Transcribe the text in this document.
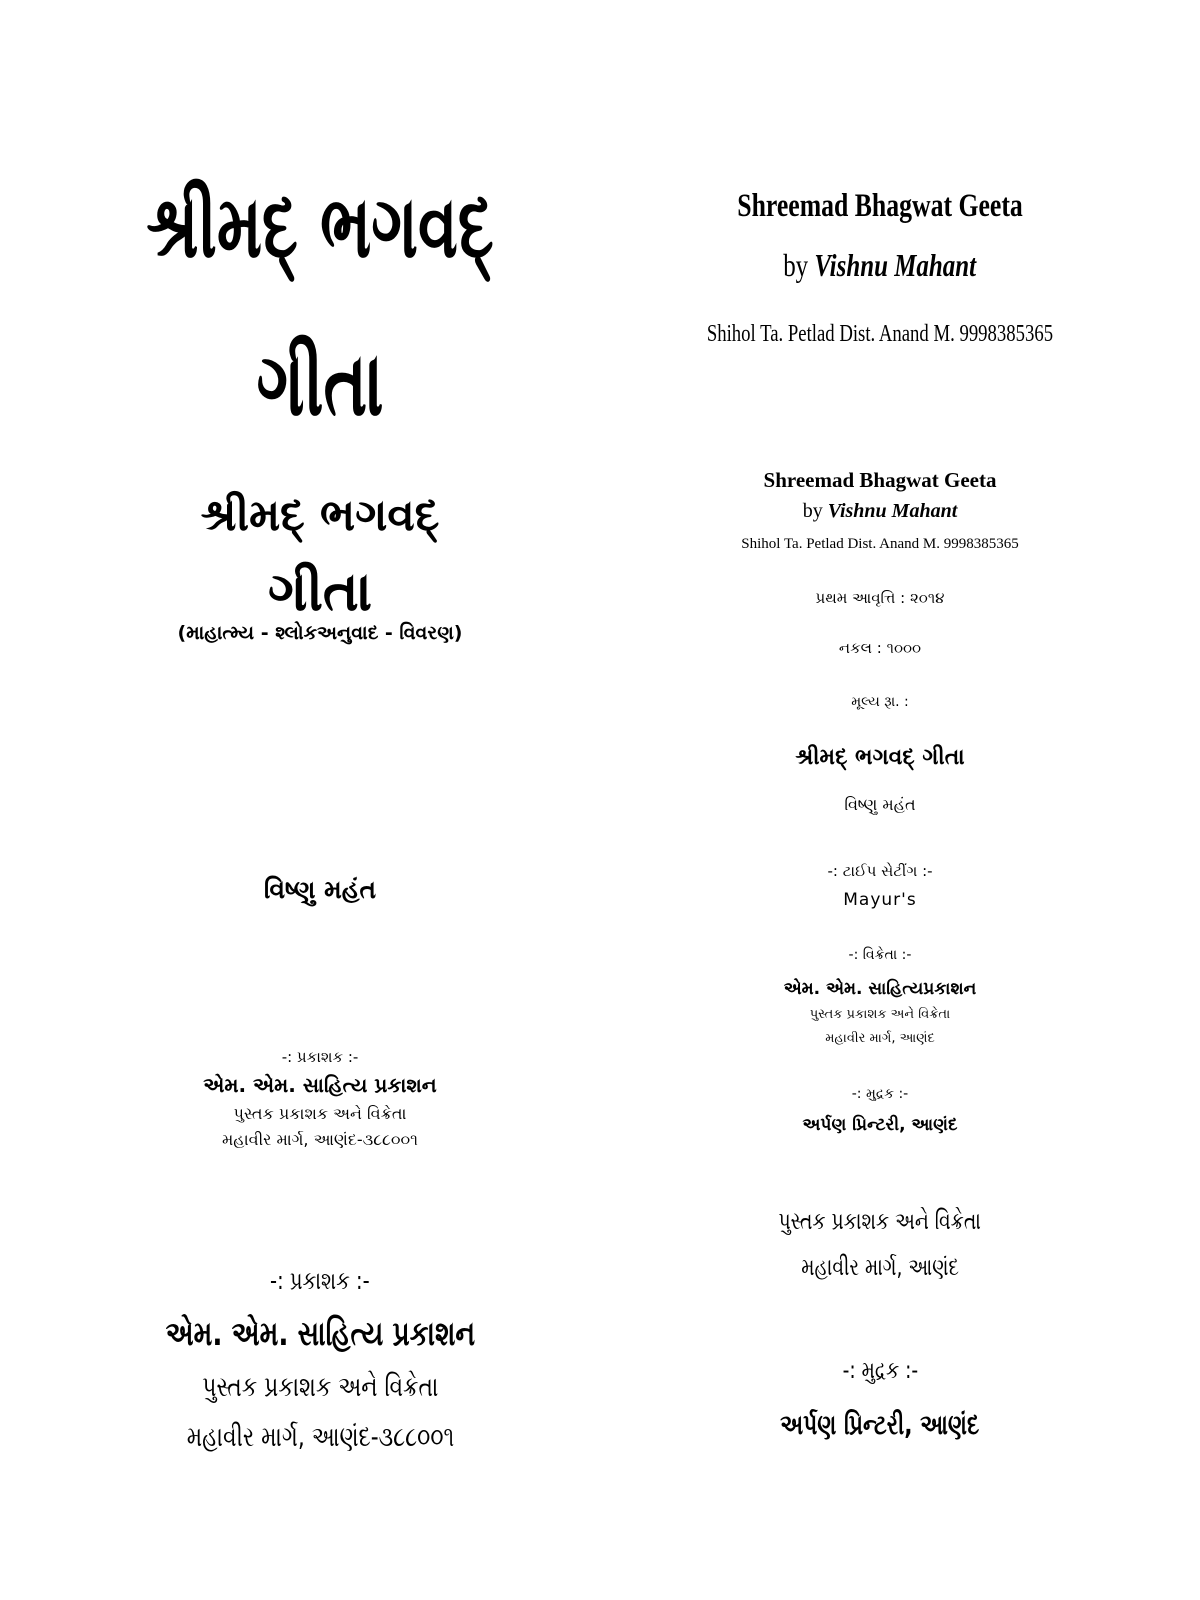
શ્રીમદ્ ભગવદ્
ગીતા
શ્રીમદ્ ભગવદ્
ગીતા
(માહાત્મ્ય - શ્લોકઅનુવાદ - વિવરણ)
વિષ્ણુ મહંત
-: પ્રકાશક :-
એમ. એમ. સાહિત્ય પ્રકાશન
પુસ્તક પ્રકાશક અને વિક્રેતા
મહાવીર માર્ગ, આણંદ-૩૮૮૦૦૧
-: પ્રકાશક :-
એમ. એમ. સાહિત્ય પ્રકાશન
પુસ્તક પ્રકાશક અને વિક્રેતા
મહાવીર માર્ગ, આણંદ-૩૮૮૦૦૧
Shreemad Bhagwat Geeta
by Vishnu Mahant
Shihol Ta. Petlad Dist. Anand M. 9998385365
Shreemad Bhagwat Geeta
by Vishnu Mahant
Shihol Ta. Petlad Dist. Anand M. 9998385365
પ્રથમ આવૃત્તિ : ૨૦૧૪
નકલ : ૧૦૦૦
મૂલ્ય રૂા. :
શ્રીમદ્ ભગવદ્ ગીતા
વિષ્ણુ મહંત
-: ટાઈપ સેટીંગ :-
Mayur's
-: વિક્રેતા :-
એમ. એમ. સાહિત્યપ્રકાશન
પુસ્તક પ્રકાશક અને વિક્રેતા
મહાવીર માર્ગ, આણંદ
-: મુદ્રક :-
અર્પણ પ્રિન્ટરી, આણંદ
પુસ્તક પ્રકાશક અને વિક્રેતા
મહાવીર માર્ગ, આણંદ
-: મુદ્રક :-
અર્પણ પ્રિન્ટરી, આણંદ
